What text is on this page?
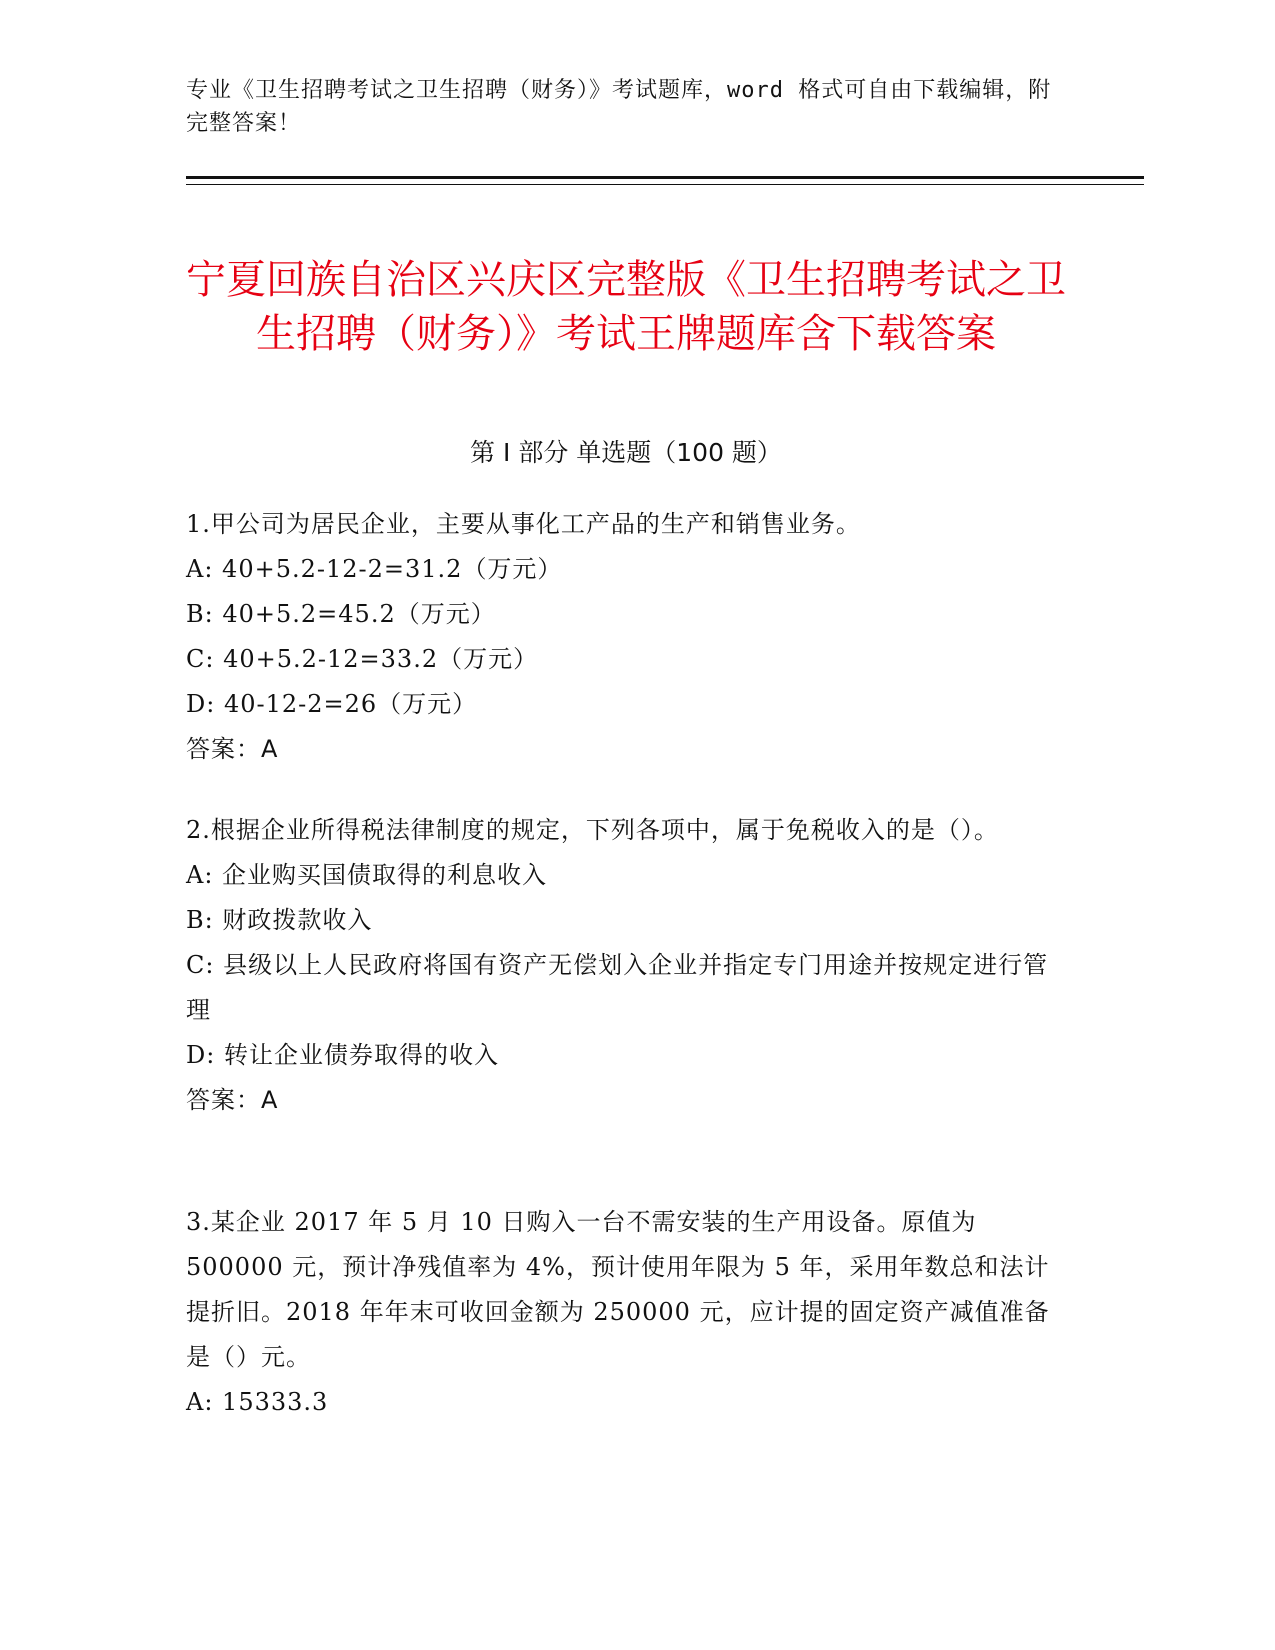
专业《卫生招聘考试之卫生招聘（财务）》考试题库，word 格式可自由下载编辑，附完整答案！
宁夏回族自治区兴庆区完整版《卫生招聘考试之卫生招聘（财务）》考试王牌题库含下载答案
第 I 部分 单选题（100 题）

1.甲公司为居民企业，主要从事化工产品的生产和销售业务。

A: 40+5.2-12-2=31.2（万元）

B: 40+5.2=45.2（万元）

C: 40+5.2-12=33.2（万元）

D: 40-12-2=26（万元）

答案：A

2.根据企业所得税法律制度的规定，下列各项中，属于免税收入的是（）。

A: 企业购买国债取得的利息收入

B: 财政拨款收入

C: 县级以上人民政府将国有资产无偿划入企业并指定专门用途并按规定进行管理

D: 转让企业债券取得的收入

答案：A

3.某企业 2017 年 5 月 10 日购入一台不需安装的生产用设备。原值为 500000 元，预计净残值率为 4%，预计使用年限为 5 年，采用年数总和法计提折旧。2018 年年末可收回金额为 250000 元，应计提的固定资产减值准备是（）元。

A: 15333.3
